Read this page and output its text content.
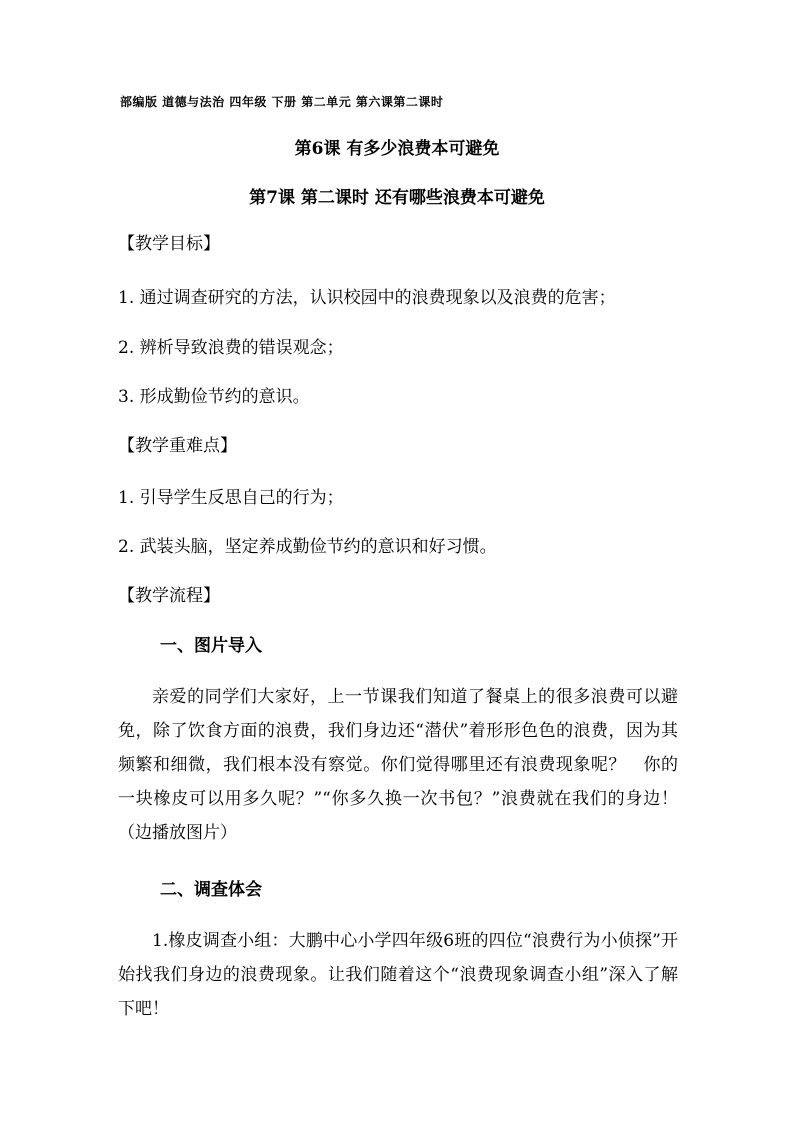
部编版 道德与法治 四年级 下册 第二单元 第六课第二课时
第6课 有多少浪费本可避免
第7课 第二课时 还有哪些浪费本可避免
【教学目标】
1. 通过调查研究的方法，认识校园中的浪费现象以及浪费的危害；
2. 辨析导致浪费的错误观念；
3. 形成勤俭节约的意识。
【教学重难点】
1. 引导学生反思自己的行为；
2. 武装头脑，坚定养成勤俭节约的意识和好习惯。
【教学流程】
一、图片导入
亲爱的同学们大家好，上一节课我们知道了餐桌上的很多浪费可以避免，除了饮食方面的浪费，我们身边还“潜伏”着形形色色的浪费，因为其频繁和细微，我们根本没有察觉。你们觉得哪里还有浪费现象呢？　你的一块橡皮可以用多久呢？”“你多久换一次书包？”浪费就在我们的身边！（边播放图片）
二、调查体会
1.橡皮调查小组：大鹏中心小学四年级6班的四位“浪费行为小侦探”开始找我们身边的浪费现象。让我们随着这个“浪费现象调查小组”深入了解下吧！
